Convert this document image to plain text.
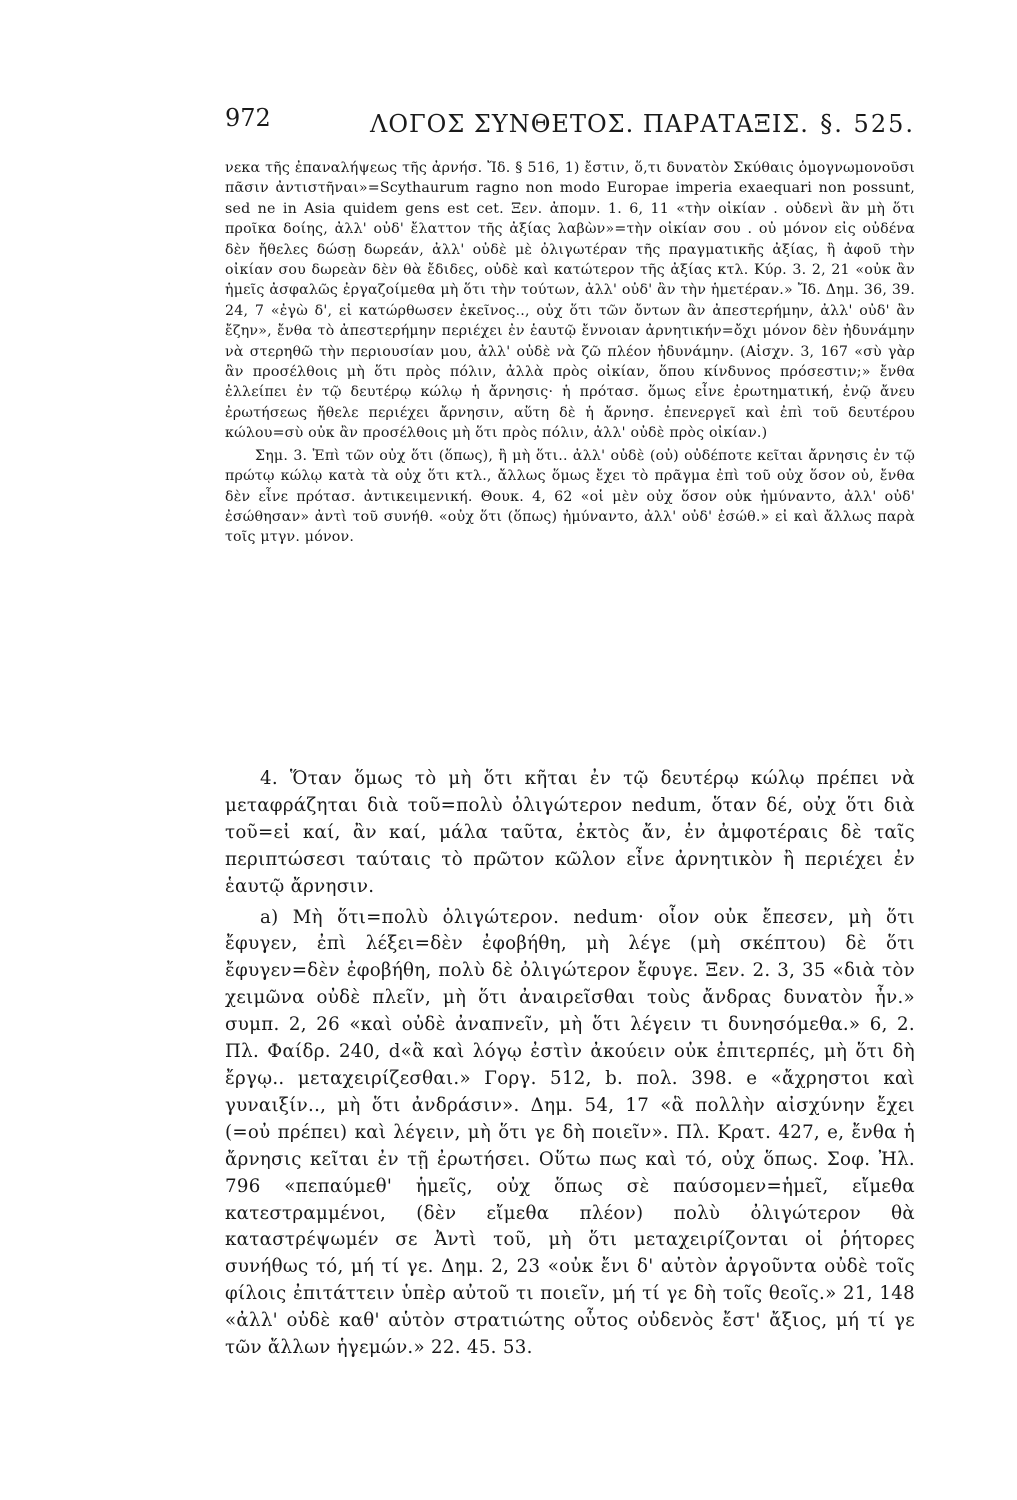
972	ΛΟΓΟΣ ΣΥΝΘΕΤΟΣ. ΠΑΡΑΤΑΞΙΣ. §. 525.

νεκα τῆς ἐπαναλήψεως τῆς ἀρνήσ. Ἴδ. § 516, 1) ἔστιν, ὅ,τι δυνατὸν Σκύθαις ὁμογνωμονοῦσι πᾶσιν ἀντιστῆναι»=Scythaurum ragno non modo Europae imperia exaequari non possunt, sed ne in Asia quidem gens est cet. Ξεν. ἀπομν. 1. 6, 11 «τὴν οἰκίαν . οὐδενὶ ἂν μὴ ὅτι προῖκα δοίης, ἀλλ' οὐδ' ἔλαττον τῆς ἀξίας λαβὼν»=τὴν οἰκίαν σου . οὐ μόνον εἰς οὐδένα δὲν ἤθελες δώσῃ δωρεάν, ἀλλ' οὐδὲ μὲ ὀλιγωτέραν τῆς πραγματικῆς ἀξίας, ἢ ἀφοῦ τὴν οἰκίαν σου δωρεὰν δὲν θὰ ἔδιδες, οὐδὲ καὶ κατώτερον τῆς ἀξίας κτλ. Κύρ. 3. 2, 21 «οὐκ ἂν ἡμεῖς ἀσφαλῶς ἐργαζοίμεθα μὴ ὅτι τὴν τούτων, ἀλλ' οὐδ' ἂν τὴν ἡμετέραν.» Ἴδ. Δημ. 36, 39. 24, 7 «ἐγὼ δ', εἰ κατώρθωσεν ἐκεῖνος.., οὐχ ὅτι τῶν ὄντων ἂν ἀπεστερήμην, ἀλλ' οὐδ' ἂν ἔζην», ἔνθα τὸ ἀπεστερήμην περιέχει ἐν ἑαυτῷ ἔννοιαν ἀρνητικήν=ὄχι μόνον δὲν ἠδυνάμην νὰ στερηθῶ τὴν περιουσίαν μου, ἀλλ' οὐδὲ νὰ ζῶ πλέον ἠδυνάμην. (Αἰσχν. 3, 167 «σὺ γὰρ ἂν προσέλθοις μὴ ὅτι πρὸς πόλιν, ἀλλὰ πρὸς οἰκίαν, ὅπου κίνδυνος πρόσεστιν;» ἔνθα ἐλλείπει ἐν τῷ δευτέρῳ κώλῳ ἡ ἄρνησις· ἡ πρότασ. ὅμως εἶνε ἐρωτηματική, ἐνῷ ἄνευ ἐρωτήσεως ἤθελε περιέχει ἄρνησιν, αὕτη δὲ ἡ ἄρνησ. ἐπενεργεῖ καὶ ἐπὶ τοῦ δευτέρου κώλου=σὺ οὐκ ἂν προσέλθοις μὴ ὅτι πρὸς πόλιν, ἀλλ' οὐδὲ πρὸς οἰκίαν.)

Σημ. 3. Ἐπὶ τῶν οὐχ ὅτι (ὅπως), ἢ μὴ ὅτι.. ἀλλ' οὐδὲ (οὐ) οὐδέποτε κεῖται ἄρνησις ἐν τῷ πρώτῳ κώλῳ κατὰ τὰ οὐχ ὅτι κτλ., ἄλλως ὅμως ἔχει τὸ πρᾶγμα ἐπὶ τοῦ οὐχ ὅσον οὐ, ἔνθα δὲν εἶνε πρότασ. ἀντικειμενική. Θουκ. 4, 62 «οἱ μὲν οὐχ ὅσον οὐκ ἠμύναντο, ἀλλ' οὐδ' ἐσώθησαν» ἀντὶ τοῦ συνήθ. «οὐχ ὅτι (ὅπως) ἠμύναντο, ἀλλ' οὐδ' ἐσώθ.» εἰ καὶ ἄλλως παρὰ τοῖς μτγν. μόνον.

4. Ὅταν ὅμως τὸ μὴ ὅτι κῆται ἐν τῷ δευτέρῳ κώλῳ πρέπει νὰ μεταφράζηται διὰ τοῦ=πολὺ ὀλιγώτερον nedum, ὅταν δέ, οὐχ ὅτι διὰ τοῦ=εἰ καί, ἂν καί, μάλα ταῦτα, ἐκτὸς ἄν, ἐν ἀμφοτέραις δὲ ταῖς περιπτώσεσι ταύταις τὸ πρῶτον κῶλον εἶνε ἀρνητικὸν ἢ περιέχει ἐν ἑαυτῷ ἄρνησιν.

a) Μὴ ὅτι=πολὺ ὀλιγώτερον. nedum· οἷον οὐκ ἔπεσεν, μὴ ὅτι ἔφυγεν, ἐπὶ λέξει=δὲν ἐφοβήθη, μὴ λέγε (μὴ σκέπτου) δὲ ὅτι ἔφυγεν=δὲν ἐφοβήθη, πολὺ δὲ ὀλιγώτερον ἔφυγε. Ξεν. 2. 3, 35 «διὰ τὸν χειμῶνα οὐδὲ πλεῖν, μὴ ὅτι ἀναιρεῖσθαι τοὺς ἄνδρας δυνατὸν ἦν.» συμπ. 2, 26 «καὶ οὐδὲ ἀναπνεῖν, μὴ ὅτι λέγειν τι δυνησόμεθα.» 6, 2. Πλ. Φαίδρ. 240, d«ἃ καὶ λόγῳ ἐστὶν ἀκούειν οὐκ ἐπιτερπές, μὴ ὅτι δὴ ἔργῳ.. μεταχειρίζεσθαι.» Γοργ. 512, b. πολ. 398. e «ἄχρηστοι καὶ γυναιξίν.., μὴ ὅτι ἀνδράσιν». Δημ. 54, 17 «ἃ πολλὴν αἰσχύνην ἔχει (=οὐ πρέπει) καὶ λέγειν, μὴ ὅτι γε δὴ ποιεῖν». Πλ. Κρατ. 427, e, ἔνθα ἡ ἄρνησις κεῖται ἐν τῇ ἐρωτήσει. Οὕτω πως καὶ τό, οὐχ ὅπως. Σοφ. Ἠλ. 796 «πεπαύμεθ' ἡμεῖς, οὐχ ὅπως σὲ παύσομεν=ἡμεῖ, εἴμεθα κατεστραμμένοι, (δὲν εἴμεθα πλέον) πολὺ ὀλιγώτερον θὰ καταστρέψωμέν σε Ἀντὶ τοῦ, μὴ ὅτι μεταχειρίζονται οἱ ῥήτορες συνήθως τό, μή τί γε. Δημ. 2, 23 «οὐκ ἔνι δ' αὐτὸν ἀργοῦντα οὐδὲ τοῖς φίλοις ἐπιτάττειν ὑπὲρ αὐτοῦ τι ποιεῖν, μή τί γε δὴ τοῖς θεοῖς.» 21, 148 «ἀλλ' οὐδὲ καθ' αὑτὸν στρατιώτης οὗτος οὐδενὸς ἔστ' ἄξιος, μή τί γε τῶν ἄλλων ἡγεμών.» 22. 45. 53.
